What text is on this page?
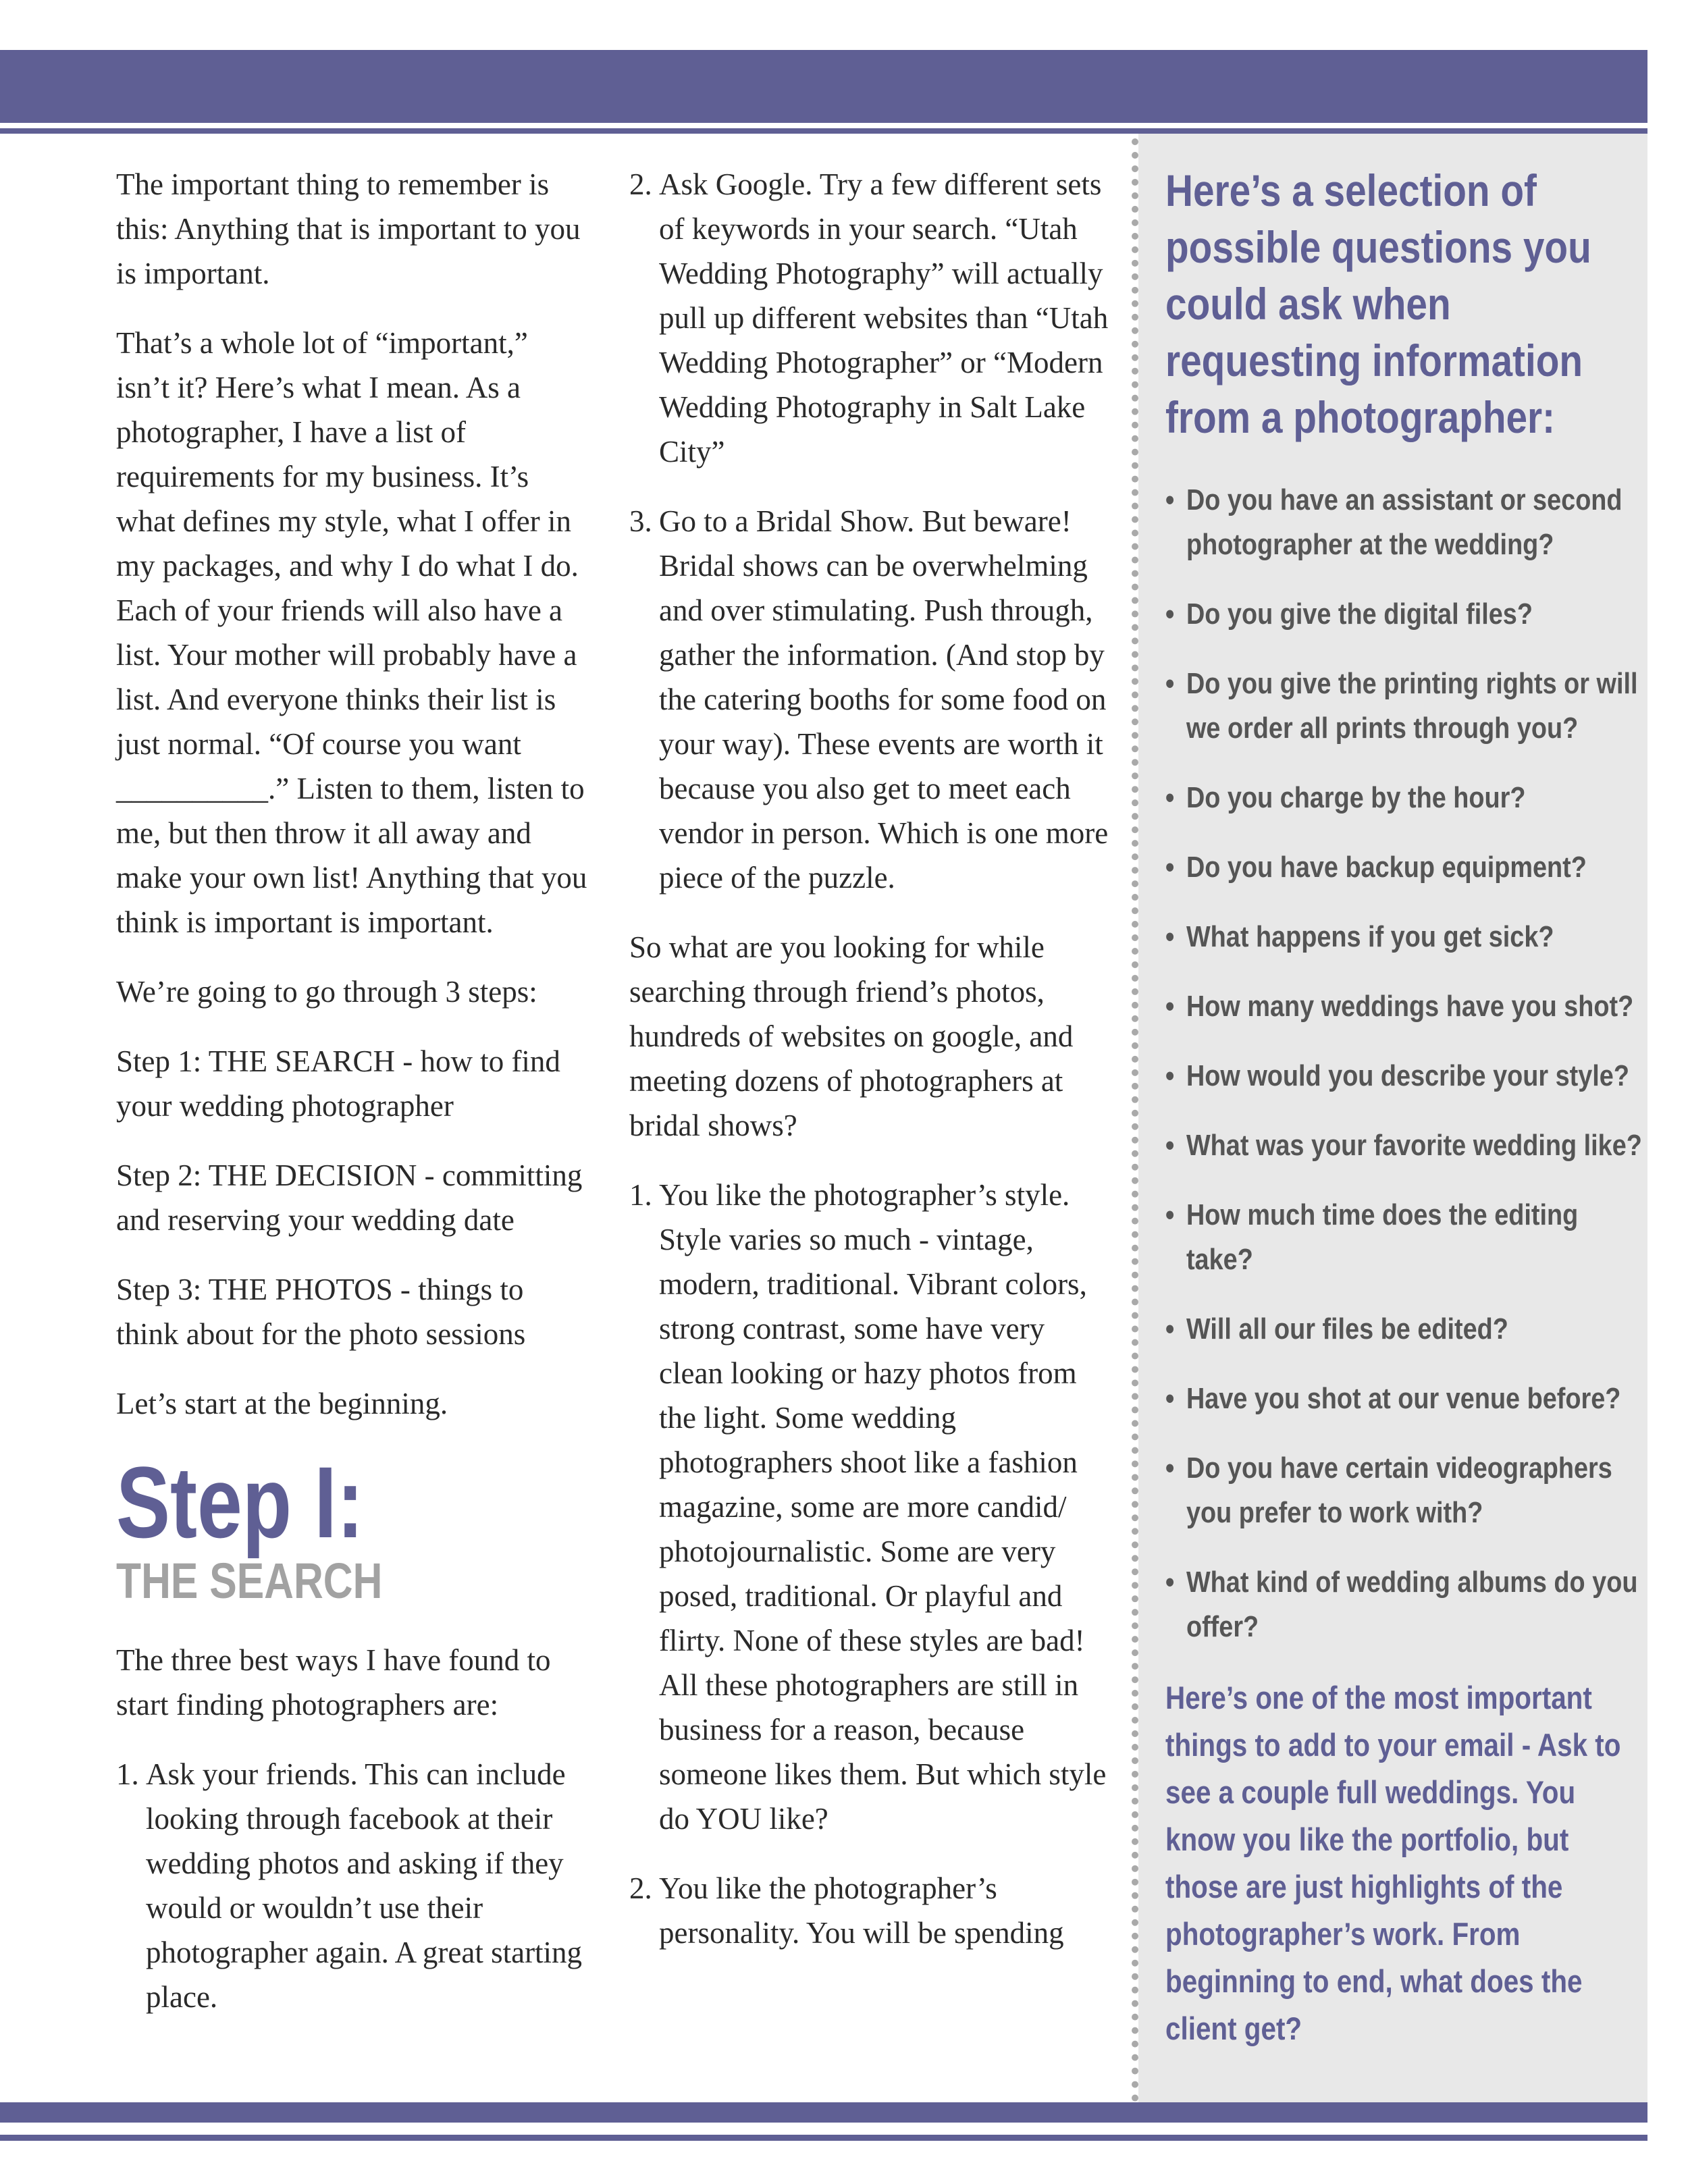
The important thing to remember is this: Anything that is important to you is important.

That’s a whole lot of “important,” isn’t it? Here’s what I mean. As a photographer, I have a list of requirements for my business. It’s what defines my style, what I offer in my packages, and why I do what I do. Each of your friends will also have a list. Your mother will probably have a list. And everyone thinks their list is just normal. “Of course you want __________.” Listen to them, listen to me, but then throw it all away and make your own list! Anything that you think is important is important.

We’re going to go through 3 steps:

Step 1: THE SEARCH - how to find your wedding photographer

Step 2: THE DECISION - committing and reserving your wedding date

Step 3: THE PHOTOS - things to think about for the photo sessions

Let’s start at the beginning.

Step I:
THE SEARCH

The three best ways I have found to start finding photographers are:

1. Ask your friends. This can include looking through facebook at their wedding photos and asking if they would or wouldn’t use their photographer again. A great starting place.
2. Ask Google. Try a few different sets of keywords in your search. “Utah Wedding Photography” will actually pull up different websites than “Utah Wedding Photographer” or “Modern Wedding Photography in Salt Lake City”
3. Go to a Bridal Show. But beware! Bridal shows can be overwhelming and over stimulating. Push through, gather the information. (And stop by the catering booths for some food on your way). These events are worth it because you also get to meet each vendor in person. Which is one more piece of the puzzle.

So what are you looking for while searching through friend’s photos, hundreds of websites on google, and meeting dozens of photographers at bridal shows?

1. You like the photographer’s style. Style varies so much - vintage, modern, traditional. Vibrant colors, strong contrast, some have very clean looking or hazy photos from the light. Some wedding photographers shoot like a fashion magazine, some are more candid/ photojournalistic. Some are very posed, traditional. Or playful and flirty. None of these styles are bad! All these photographers are still in business for a reason, because someone likes them. But which style do YOU like?
2. You like the photographer’s personality. You will be spending
Here’s a selection of possible questions you could ask when requesting information from a photographer:
• Do you have an assistant or second photographer at the wedding?
• Do you give the digital files?
• Do you give the printing rights or will we order all prints through you?
• Do you charge by the hour?
• Do you have backup equipment?
• What happens if you get sick?
• How many weddings have you shot?
• How would you describe your style?
• What was your favorite wedding like?
• How much time does the editing take?
• Will all our files be edited?
• Have you shot at our venue before?
• Do you have certain videographers you prefer to work with?
• What kind of wedding albums do you offer?

Here’s one of the most important things to add to your email - Ask to see a couple full weddings. You know you like the portfolio, but those are just highlights of the photographer’s work. From beginning to end, what does the client get?
